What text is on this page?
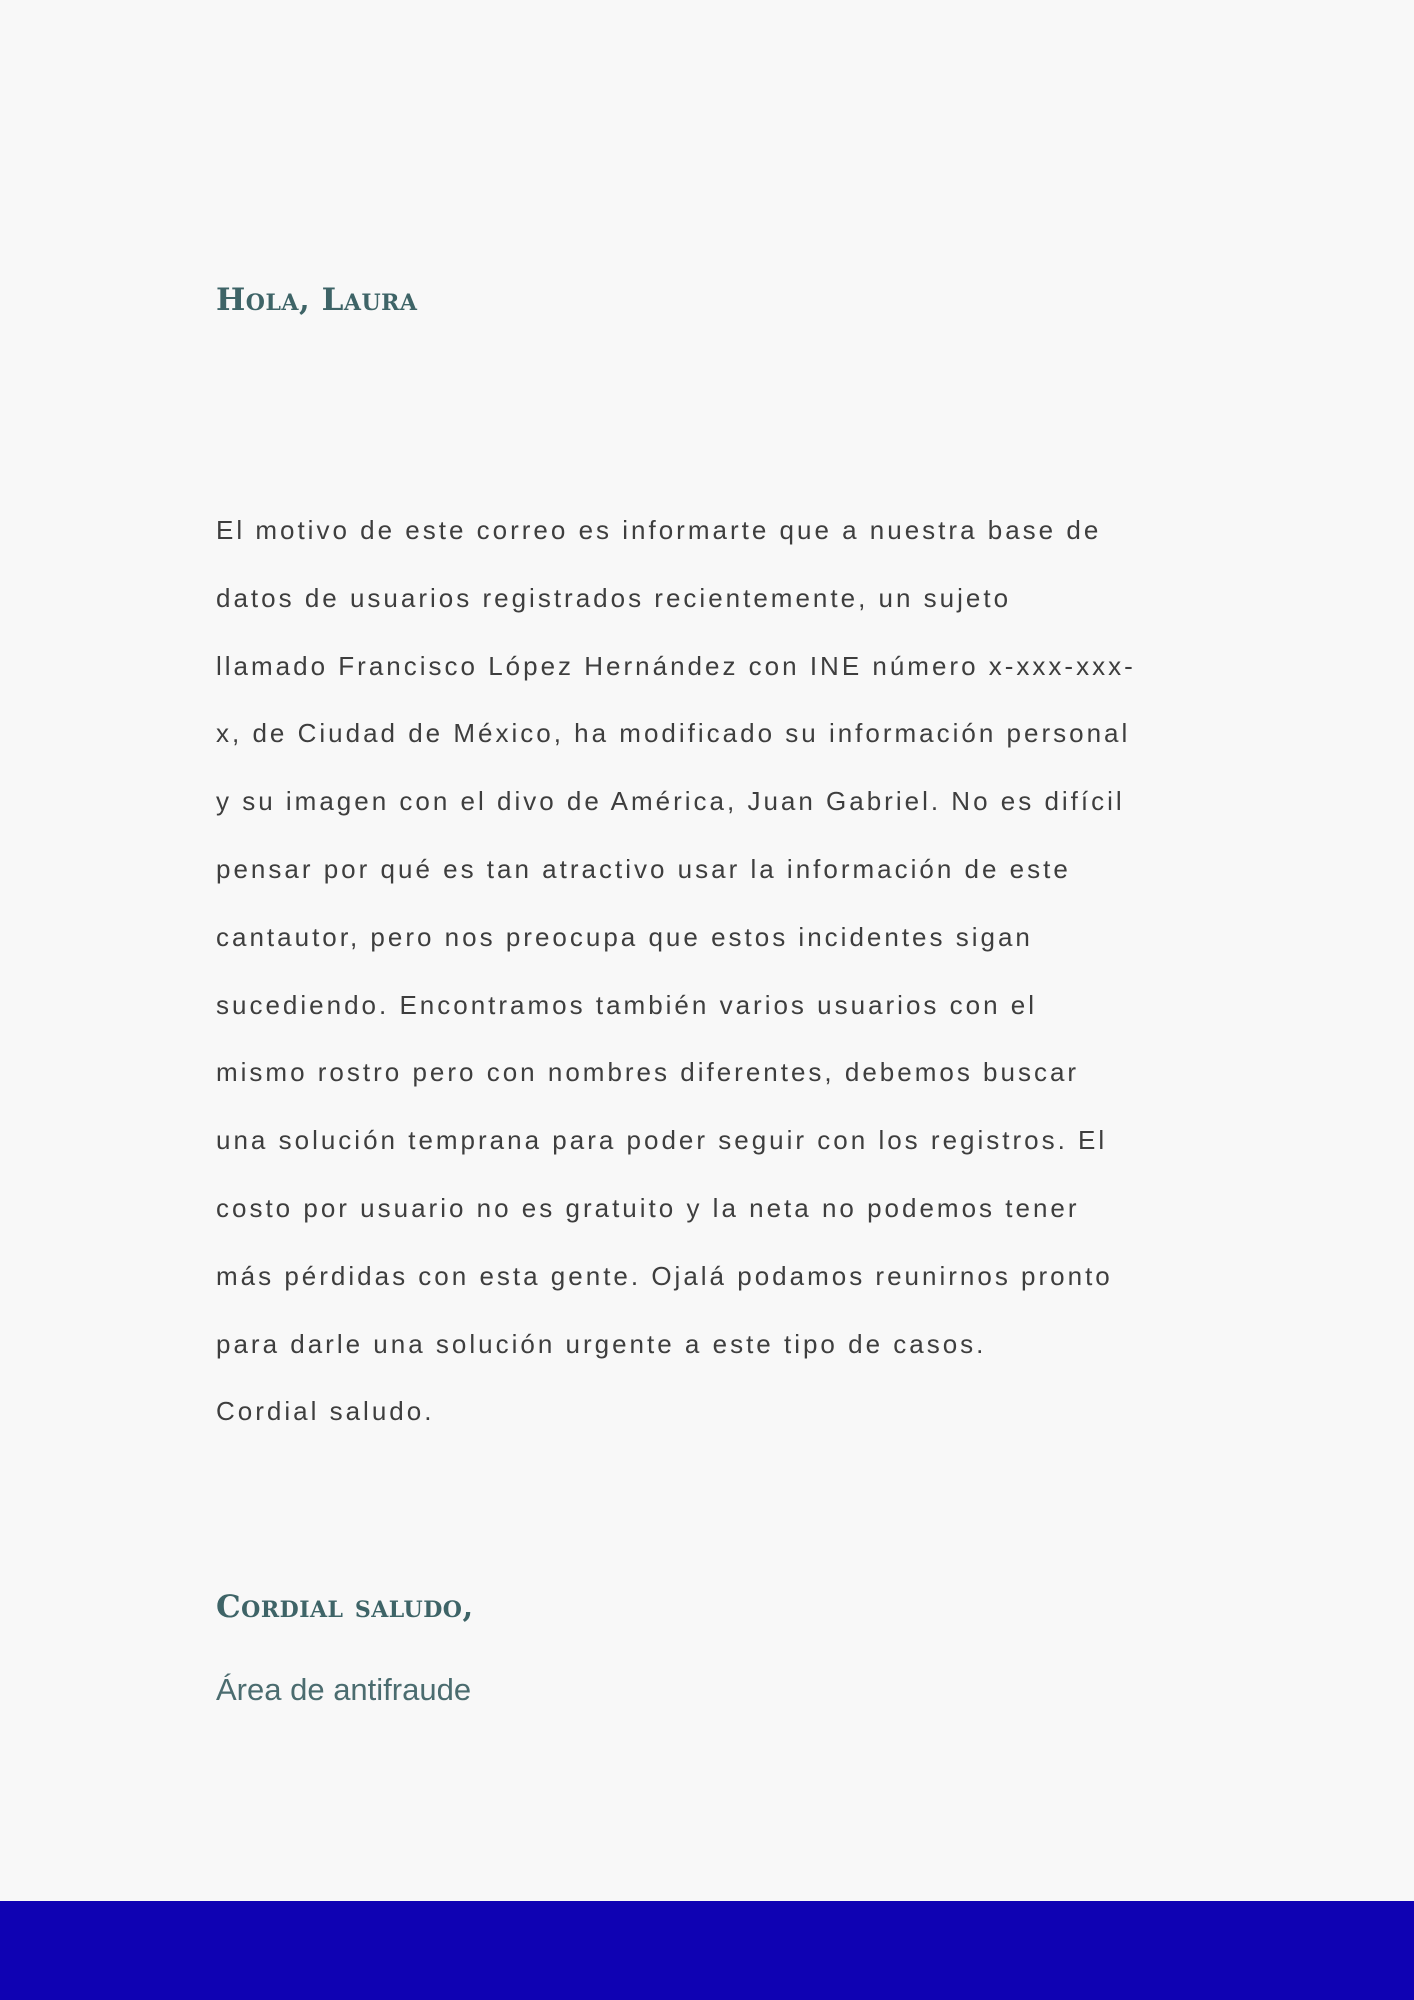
Hola, Laura
El motivo de este correo es informarte que a nuestra base de
datos de usuarios registrados recientemente, un sujeto
llamado Francisco López Hernández con INE número x-xxx-xxx-
x, de Ciudad de México, ha modificado su información personal
y su imagen con el divo de América, Juan Gabriel. No es difícil
pensar por qué es tan atractivo usar la información de este
cantautor, pero nos preocupa que estos incidentes sigan
sucediendo. Encontramos también varios usuarios con el
mismo rostro pero con nombres diferentes, debemos buscar
una solución temprana para poder seguir con los registros. El
costo por usuario no es gratuito y la neta no podemos tener
más pérdidas con esta gente. Ojalá podamos reunirnos pronto
para darle una solución urgente a este tipo de casos.
Cordial saludo.
Cordial saludo,

Área de antifraude
